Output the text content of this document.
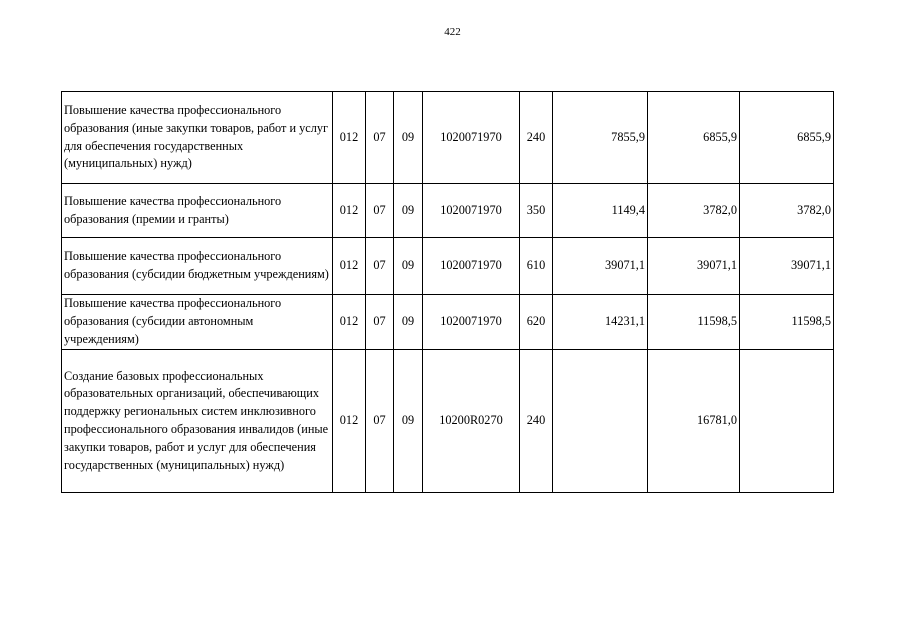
422
Повышение качества профессионального образования (иные закупки товаров, работ и услуг для обеспечения государственных (муниципальных) нужд)	012	07	09	1020071970	240	7855,9	6855,9	6855,9
Повышение качества профессионального образования (премии и гранты)	012	07	09	1020071970	350	1149,4	3782,0	3782,0
Повышение качества профессионального образования (субсидии бюджетным учреждениям)	012	07	09	1020071970	610	39071,1	39071,1	39071,1
Повышение качества профессионального образования (субсидии автономным учреждениям)	012	07	09	1020071970	620	14231,1	11598,5	11598,5
Создание базовых профессиональных образовательных организаций, обеспечивающих поддержку региональных систем инклюзивного профессионального образования инвалидов (иные закупки товаров, работ и услуг для обеспечения государственных (муниципальных) нужд)	012	07	09	10200R0270	240		16781,0	
